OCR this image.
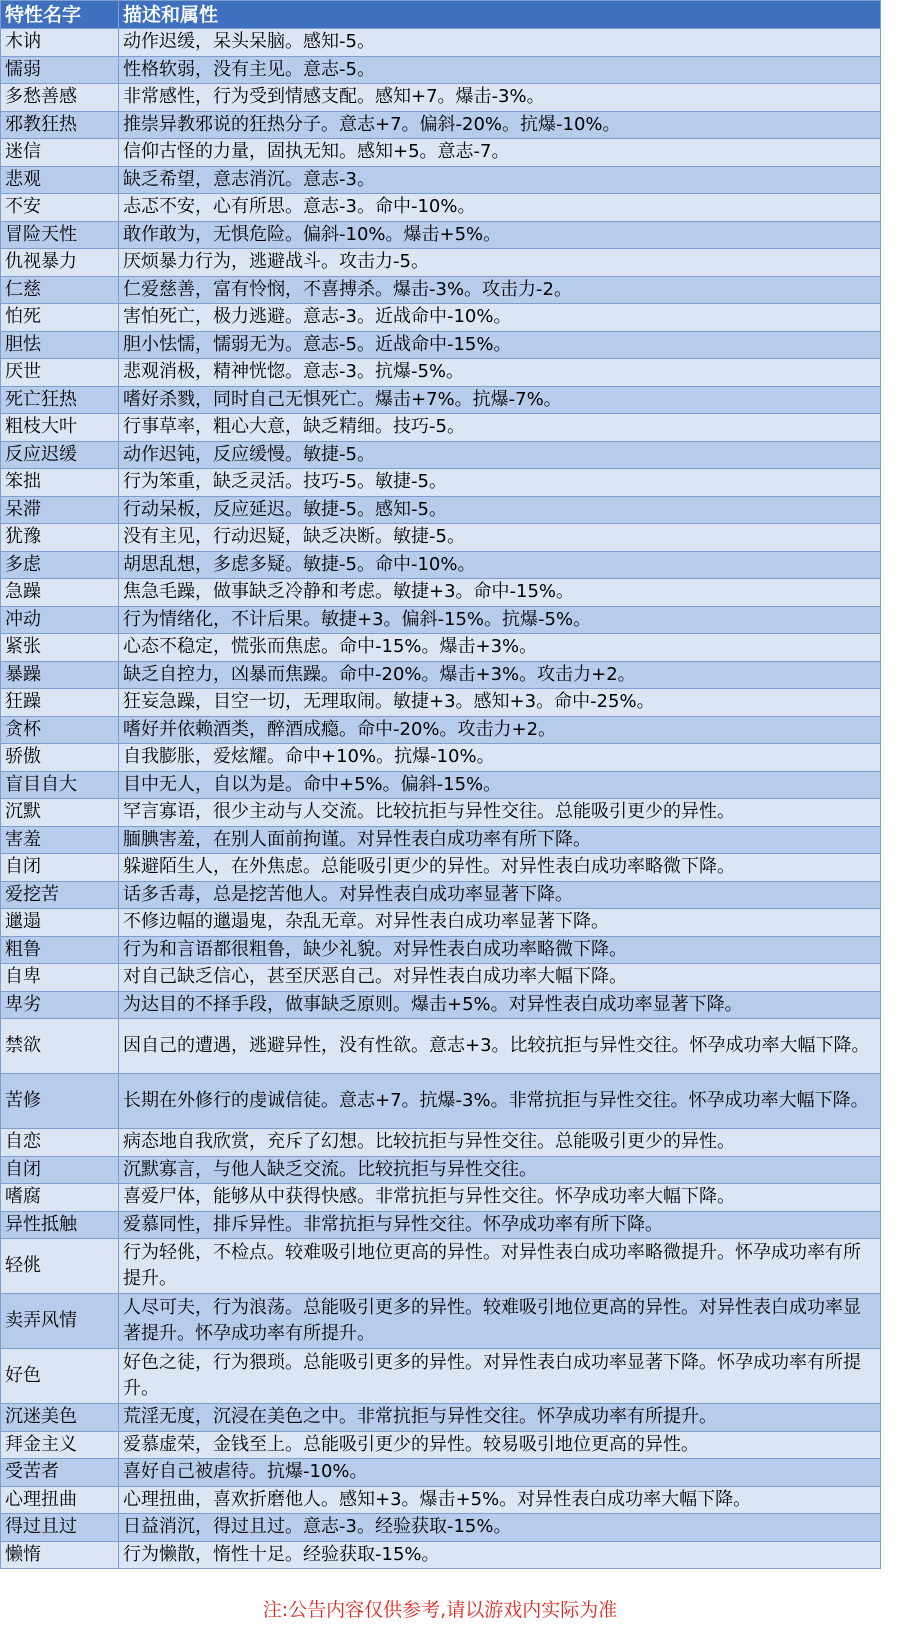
特性名字	描述和属性
木讷	动作迟缓，呆头呆脑。感知-5。
懦弱	性格软弱，没有主见。意志-5。
多愁善感	非常感性，行为受到情感支配。感知+7。爆击-3%。
邪教狂热	推崇异教邪说的狂热分子。意志+7。偏斜-20%。抗爆-10%。
迷信	信仰古怪的力量，固执无知。感知+5。意志-7。
悲观	缺乏希望，意志消沉。意志-3。
不安	忐忑不安，心有所思。意志-3。命中-10%。
冒险天性	敢作敢为，无惧危险。偏斜-10%。爆击+5%。
仇视暴力	厌烦暴力行为，逃避战斗。攻击力-5。
仁慈	仁爱慈善，富有怜悯，不喜搏杀。爆击-3%。攻击力-2。
怕死	害怕死亡，极力逃避。意志-3。近战命中-10%。
胆怯	胆小怯懦，懦弱无为。意志-5。近战命中-15%。
厌世	悲观消极，精神恍惚。意志-3。抗爆-5%。
死亡狂热	嗜好杀戮，同时自己无惧死亡。爆击+7%。抗爆-7%。
粗枝大叶	行事草率，粗心大意，缺乏精细。技巧-5。
反应迟缓	动作迟钝，反应缓慢。敏捷-5。
笨拙	行为笨重，缺乏灵活。技巧-5。敏捷-5。
呆滞	行动呆板，反应延迟。敏捷-5。感知-5。
犹豫	没有主见，行动迟疑，缺乏决断。敏捷-5。
多虑	胡思乱想，多虑多疑。敏捷-5。命中-10%。
急躁	焦急毛躁，做事缺乏冷静和考虑。敏捷+3。命中-15%。
冲动	行为情绪化，不计后果。敏捷+3。偏斜-15%。抗爆-5%。
紧张	心态不稳定，慌张而焦虑。命中-15%。爆击+3%。
暴躁	缺乏自控力，凶暴而焦躁。命中-20%。爆击+3%。攻击力+2。
狂躁	狂妄急躁，目空一切，无理取闹。敏捷+3。感知+3。命中-25%。
贪杯	嗜好并依赖酒类，醉酒成瘾。命中-20%。攻击力+2。
骄傲	自我膨胀，爱炫耀。命中+10%。抗爆-10%。
盲目自大	目中无人，自以为是。命中+5%。偏斜-15%。
沉默	罕言寡语，很少主动与人交流。比较抗拒与异性交往。总能吸引更少的异性。
害羞	腼腆害羞，在别人面前拘谨。对异性表白成功率有所下降。
自闭	躲避陌生人，在外焦虑。总能吸引更少的异性。对异性表白成功率略微下降。
爱挖苦	话多舌毒，总是挖苦他人。对异性表白成功率显著下降。
邋遢	不修边幅的邋遢鬼，杂乱无章。对异性表白成功率显著下降。
粗鲁	行为和言语都很粗鲁，缺少礼貌。对异性表白成功率略微下降。
自卑	对自己缺乏信心，甚至厌恶自己。对异性表白成功率大幅下降。
卑劣	为达目的不择手段，做事缺乏原则。爆击+5%。对异性表白成功率显著下降。
禁欲	因自己的遭遇，逃避异性，没有性欲。意志+3。比较抗拒与异性交往。怀孕成功率大幅下降。
苦修	长期在外修行的虔诚信徒。意志+7。抗爆-3%。非常抗拒与异性交往。怀孕成功率大幅下降。
自恋	病态地自我欣赏，充斥了幻想。比较抗拒与异性交往。总能吸引更少的异性。
自闭	沉默寡言，与他人缺乏交流。比较抗拒与异性交往。
嗜腐	喜爱尸体，能够从中获得快感。非常抗拒与异性交往。怀孕成功率大幅下降。
异性抵触	爱慕同性，排斥异性。非常抗拒与异性交往。怀孕成功率有所下降。
轻佻	行为轻佻，不检点。较难吸引地位更高的异性。对异性表白成功率略微提升。怀孕成功率有所提升。
卖弄风情	人尽可夫，行为浪荡。总能吸引更多的异性。较难吸引地位更高的异性。对异性表白成功率显著提升。怀孕成功率有所提升。
好色	好色之徒，行为猥琐。总能吸引更多的异性。对异性表白成功率显著下降。怀孕成功率有所提升。
沉迷美色	荒淫无度，沉浸在美色之中。非常抗拒与异性交往。怀孕成功率有所提升。
拜金主义	爱慕虚荣，金钱至上。总能吸引更少的异性。较易吸引地位更高的异性。
受苦者	喜好自己被虐待。抗爆-10%。
心理扭曲	心理扭曲，喜欢折磨他人。感知+3。爆击+5%。对异性表白成功率大幅下降。
得过且过	日益消沉，得过且过。意志-3。经验获取-15%。
懒惰	行为懒散，惰性十足。经验获取-15%。
注:公告内容仅供参考,请以游戏内实际为准
